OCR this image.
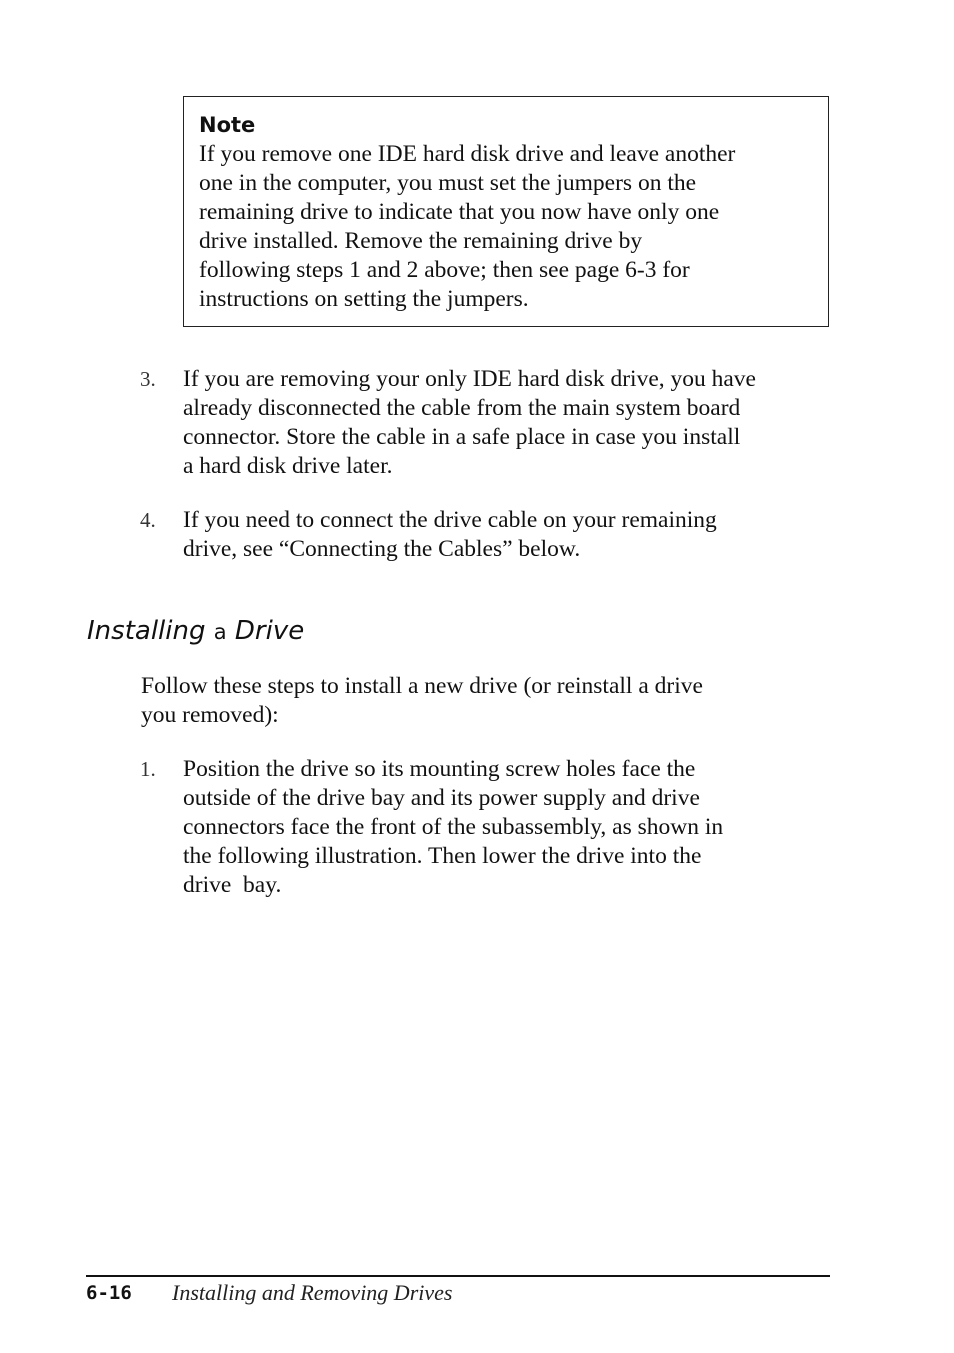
Note

If you remove one IDE hard disk drive and leave another
one in the computer, you must set the jumpers on the
remaining drive to indicate that you now have only one
drive installed. Remove the remaining drive by
following steps 1 and 2 above; then see page 6-3 for
instructions on setting the jumpers.

3. If you are removing your only IDE hard disk drive, you have
already disconnected the cable from the main system board
connector. Store the cable in a safe place in case you install
a hard disk drive later.
4. If you need to connect the drive cable on your remaining
drive, see “Connecting the Cables” below.
Installing a Drive

Follow these steps to install a new drive (or reinstall a drive
you removed):

1. Position the drive so its mounting screw holes face the
outside of the drive bay and its power supply and drive
connectors face the front of the subassembly, as shown in
the following illustration. Then lower the drive into the
drive  bay.
6-16 Installing and Removing Drives
